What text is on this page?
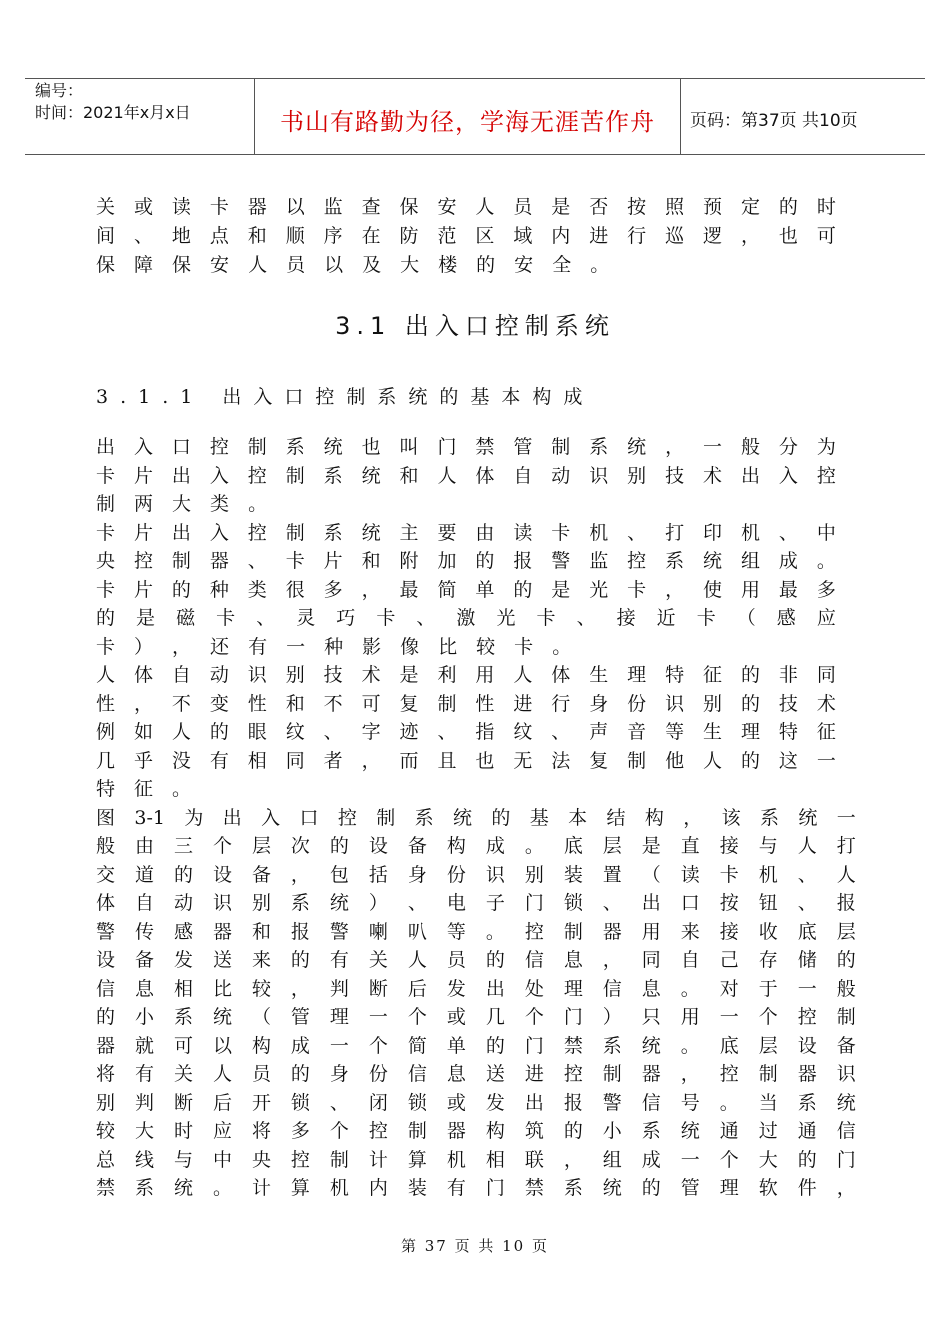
编号：
时间：2021年x月x日	书山有路勤为径，学海无涯苦作舟	页码：第37页 共10页
关 或 读 卡 器 以 监 查 保 安 人 员 是 否 按 照 预 定 的 时
间 、 地 点 和 顺 序 在 防 范 区 域 内 进 行 巡 逻 ， 也 可
保 障 保 安 人 员 以 及 大 楼 的 安 全 。
3.1 出入口控制系统
3.1.1 出入口控制系统的基本构成
出 入 口 控 制 系 统 也 叫 门 禁 管 制 系 统 ， 一 般 分 为
卡 片 出 入 控 制 系 统 和 人 体 自 动 识 别 技 术 出 入 控
制 两 大 类 。
卡 片 出 入 控 制 系 统 主 要 由 读 卡 机 、 打 印 机 、 中
央 控 制 器 、 卡 片 和 附 加 的 报 警 监 控 系 统 组 成 。
卡 片 的 种 类 很 多 ， 最 简 单 的 是 光 卡 ， 使 用 最 多
的 是 磁 卡 、 灵 巧 卡 、 激 光 卡 、 接 近 卡 （ 感 应
卡 ） ， 还 有 一 种 影 像 比 较 卡 。
人 体 自 动 识 别 技 术 是 利 用 人 体 生 理 特 征 的 非 同
性 ， 不 变 性 和 不 可 复 制 性 进 行 身 份 识 别 的 技 术
例 如 人 的 眼 纹 、 字 迹 、 指 纹 、 声 音 等 生 理 特 征
几 乎 没 有 相 同 者 ， 而 且 也 无 法 复 制 他 人 的 这 一
特 征 。
图 3-1 为 出 入 口 控 制 系 统 的 基 本 结 构 ， 该 系 统 一
般 由 三 个 层 次 的 设 备 构 成 。 底 层 是 直 接 与 人 打
交 道 的 设 备 ， 包 括 身 份 识 别 装 置 （ 读 卡 机 、 人
体 自 动 识 别 系 统 ） 、 电 子 门 锁 、 出 口 按 钮 、 报
警 传 感 器 和 报 警 喇 叭 等 。 控 制 器 用 来 接 收 底 层
设 备 发 送 来 的 有 关 人 员 的 信 息 ， 同 自 己 存 储 的
信 息 相 比 较 ， 判 断 后 发 出 处 理 信 息 。 对 于 一 般
的 小 系 统 （ 管 理 一 个 或 几 个 门 ） 只 用 一 个 控 制
器 就 可 以 构 成 一 个 简 单 的 门 禁 系 统 。 底 层 设 备
将 有 关 人 员 的 身 份 信 息 送 进 控 制 器 ， 控 制 器 识
别 判 断 后 开 锁 、 闭 锁 或 发 出 报 警 信 号 。 当 系 统
较 大 时 应 将 多 个 控 制 器 构 筑 的 小 系 统 通 过 通 信
总 线 与 中 央 控 制 计 算 机 相 联 ， 组 成 一 个 大 的 门
禁 系 统 。 计 算 机 内 装 有 门 禁 系 统 的 管 理 软 件 ，
第 37 页 共 10 页
